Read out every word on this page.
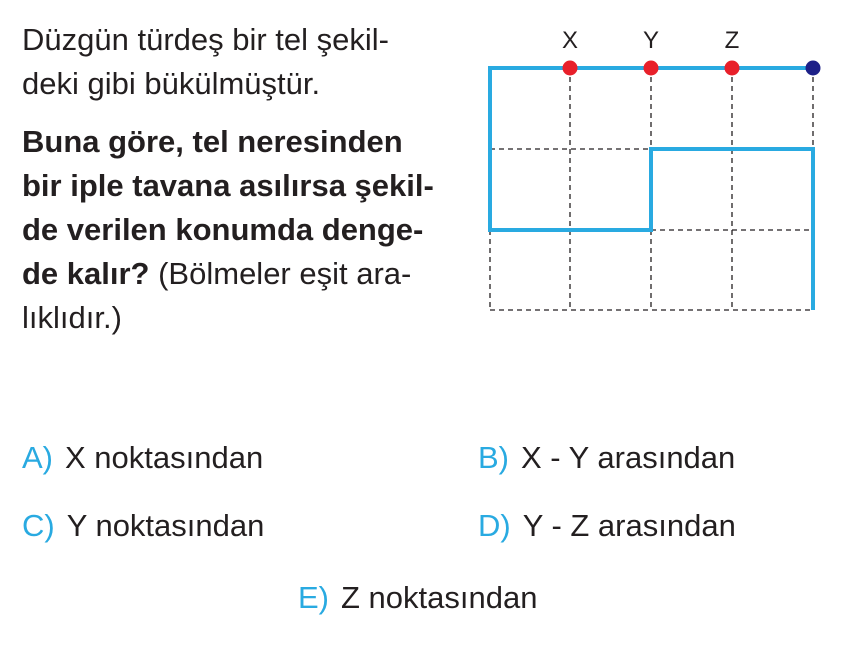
Düzgün türdeş bir tel şekil-
deki gibi bükülmüştür.

Buna göre, tel neresinden
bir iple tavana asılırsa şekil-
de verilen konumda denge-
de kalır? (Bölmeler eşit ara-
lıklıdır.)

X	Y	Z
A) X noktasından	B) X - Y arasından
C) Y noktasından	D) Y - Z arasından
E) Z noktasından
